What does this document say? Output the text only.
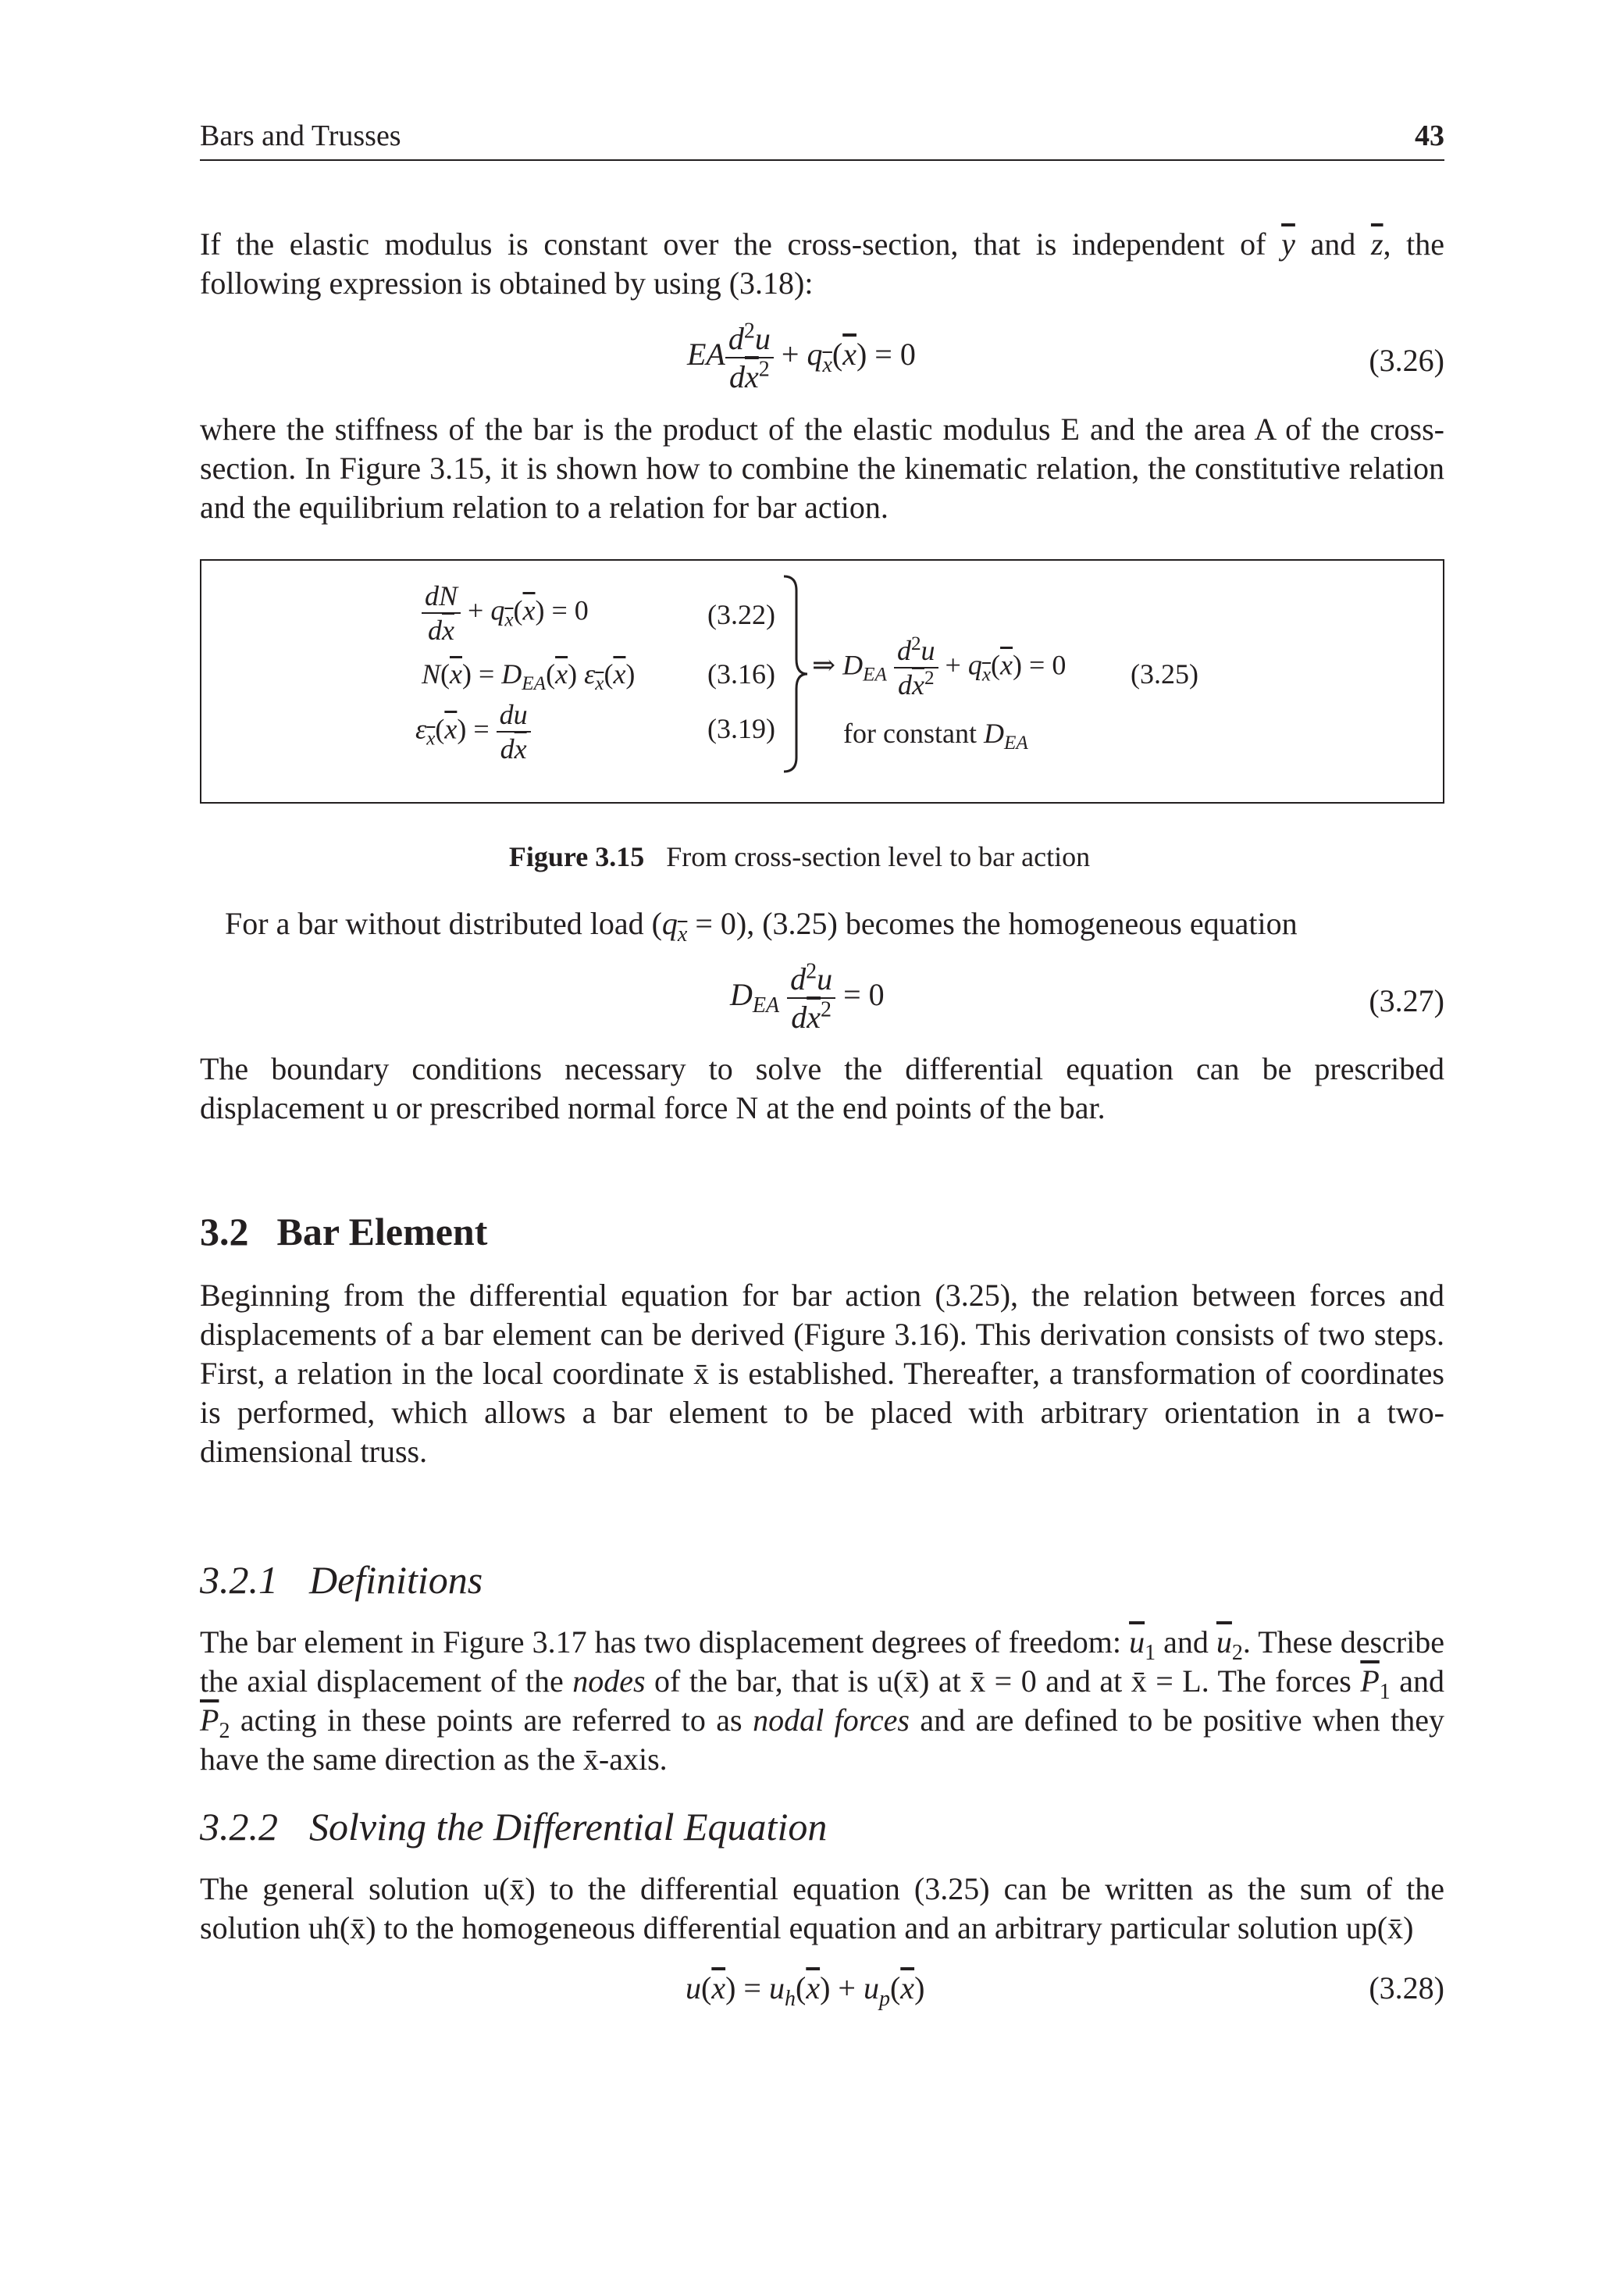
Bars and Trusses	43
If the elastic modulus is constant over the cross-section, that is independent of $\overline{y}$ and $\overline{z}$, the following expression is obtained by using (3.18):
EA $\frac{d^2u}{d\overline{x}^2} + q_{\overline{x}}(\overline{x}) = 0$	(3.26)
where the stiffness of the bar is the product of the elastic modulus E and the area A of the cross-section. In Figure 3.15, it is shown how to combine the kinematic relation, the constitutive relation and the equilibrium relation to a relation for bar action.
$\frac{dN}{d\overline{x}} + q_{\overline{x}}(\overline{x}) = 0$	(3.22)
$N(\overline{x}) = D_{EA}(\overline{x})$ $\varepsilon_{\overline{x}}(\overline{x})$	(3.16)
$\varepsilon_{\overline{x}}(\overline{x}) = \frac{du}{d\overline{x}}$	(3.19)
⇒ $D_{EA} \frac{d^2u}{d\overline{x}^2} + q_{\overline{x}}(\overline{x}) = 0$ (3.25)
for constant $D_{EA}$
Figure 3.15 From cross-section level to bar action
For a bar without distributed load $(q_{\overline{x}} = 0)$, (3.25) becomes the homogeneous equation
$D_{EA} \frac{d^2u}{d\overline{x}^2} = 0$	(3.27)
The boundary conditions necessary to solve the differential equation can be prescribed displacement u or prescribed normal force N at the end points of the bar.
3.2 Bar Element
Beginning from the differential equation for bar action (3.25), the relation between forces and displacements of a bar element can be derived (Figure 3.16). This derivation consists of two steps. First, a relation in the local coordinate x̄ is established. Thereafter, a transformation of coordinates is performed, which allows a bar element to be placed with arbitrary orientation in a two-dimensional truss.
3.2.1 Definitions
The bar element in Figure 3.17 has two displacement degrees of freedom: $\overline{u}_1$ and $\overline{u}_2$. These describe the axial displacement of the nodes of the bar, that is u(x̄) at x̄ = 0 and at x̄ = L. The forces $\overline{P}_1$ and $\overline{P}_2$ acting in these points are referred to as nodal forces and are defined to be positive when they have the same direction as the x̄-axis.
3.2.2 Solving the Differential Equation
The general solution u(x̄) to the differential equation (3.25) can be written as the sum of the solution uh(x̄) to the homogeneous differential equation and an arbitrary particular solution up(x̄)
$u(\overline{x}) = u_h(\overline{x}) + u_p(\overline{x})$	(3.28)
